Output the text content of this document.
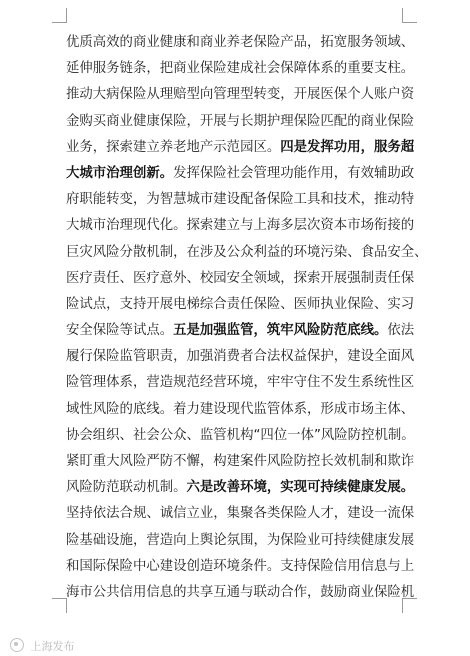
优质高效的商业健康和商业养老保险产品，拓宽服务领域、
延伸服务链条，把商业保险建成社会保障体系的重要支柱。
推动大病保险从理赔型向管理型转变，开展医保个人账户资
金购买商业健康保险，开展与长期护理保险匹配的商业保险
业务，探索建立养老地产示范园区。四是发挥功用，服务超
大城市治理创新。发挥保险社会管理功能作用，有效辅助政
府职能转变，为智慧城市建设配备保险工具和技术，推动特
大城市治理现代化。探索建立与上海多层次资本市场衔接的
巨灾风险分散机制，在涉及公众利益的环境污染、食品安全、
医疗责任、医疗意外、校园安全领域，探索开展强制责任保
险试点，支持开展电梯综合责任保险、医师执业保险、实习
安全保险等试点。五是加强监管，筑牢风险防范底线。依法
履行保险监管职责，加强消费者合法权益保护，建设全面风
险管理体系，营造规范经营环境，牢牢守住不发生系统性区
域性风险的底线。着力建设现代监管体系，形成市场主体、
协会组织、社会公众、监管机构“四位一体”风险防控机制。
紧盯重大风险严防不懈，构建案件风险防控长效机制和欺诈
风险防范联动机制。六是改善环境，实现可持续健康发展。
坚持依法合规、诚信立业，集聚各类保险人才，建设一流保
险基础设施，营造向上舆论氛围，为保险业可持续健康发展
和国际保险中心建设创造环境条件。支持保险信用信息与上
海市公共信用信息的共享互通与联动合作，鼓励商业保险机
上海发布
